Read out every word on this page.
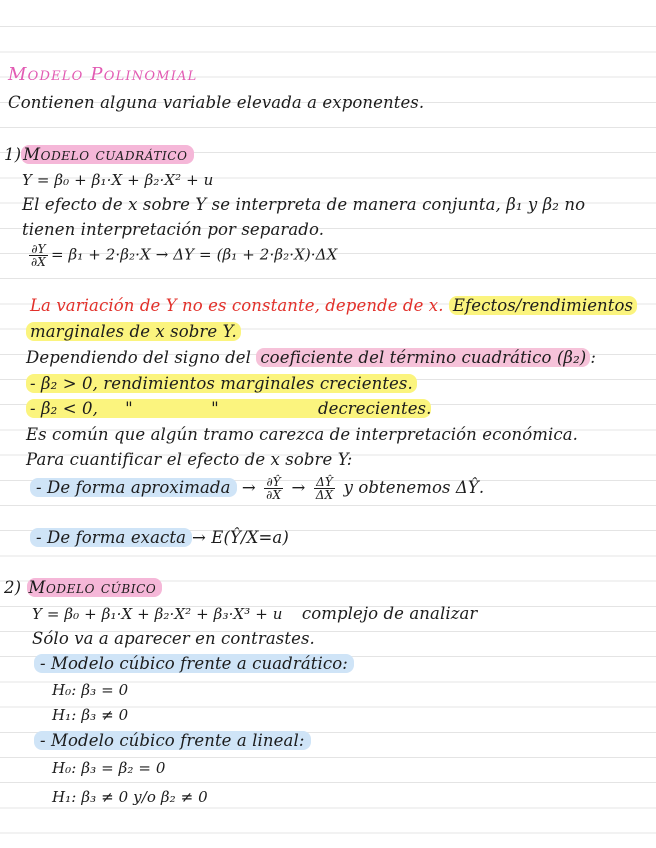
Modelo Polinomial
Contienen alguna variable elevada a exponentes.
1) Modelo cuadrático
Y = β₀ + β₁·X + β₂·X² + u
El efecto de x sobre Y se interpreta de manera conjunta, β₁ y β₂ no
tienen interpretación por separado.
$\frac{\partial Y}{\partial X} = \beta_1 + 2\cdot\beta_2\cdot X \to \Delta Y = (\beta_1 + 2\cdot\beta_2\cdot X)\cdot\Delta X$
La variación de Y no es constante, depende de x. Efectos/rendimientos
marginales de x sobre Y.
Dependiendo del signo del coeficiente del término cuadrático (β₂) :
- β₂ > 0, rendimientos marginales crecientes.
- β₂ < 0, "	"	decrecientes.
Es común que algún tramo carezca de interpretación económica.
Para cuantificar el efecto de x sobre Y:
- De forma aproximada → $\frac{\partial Ŷ}{\partial X} \to \frac{\Delta Ŷ}{\Delta X}$ y obtenemos ΔŶ.
- De forma exacta → E(Ŷ/X=a)
2) Modelo cúbico
Y = β₀ + β₁·X + β₂·X² + β₃·X³ + u complejo de analizar
Sólo va a aparecer en contrastes.
- Modelo cúbico frente a cuadrático:
H₀: β₃ = 0
H₁: β₃ ≠ 0
- Modelo cúbico frente a lineal:
H₀: β₃ = β₂ = 0
H₁: β₃ ≠ 0 y/o β₂ ≠ 0
